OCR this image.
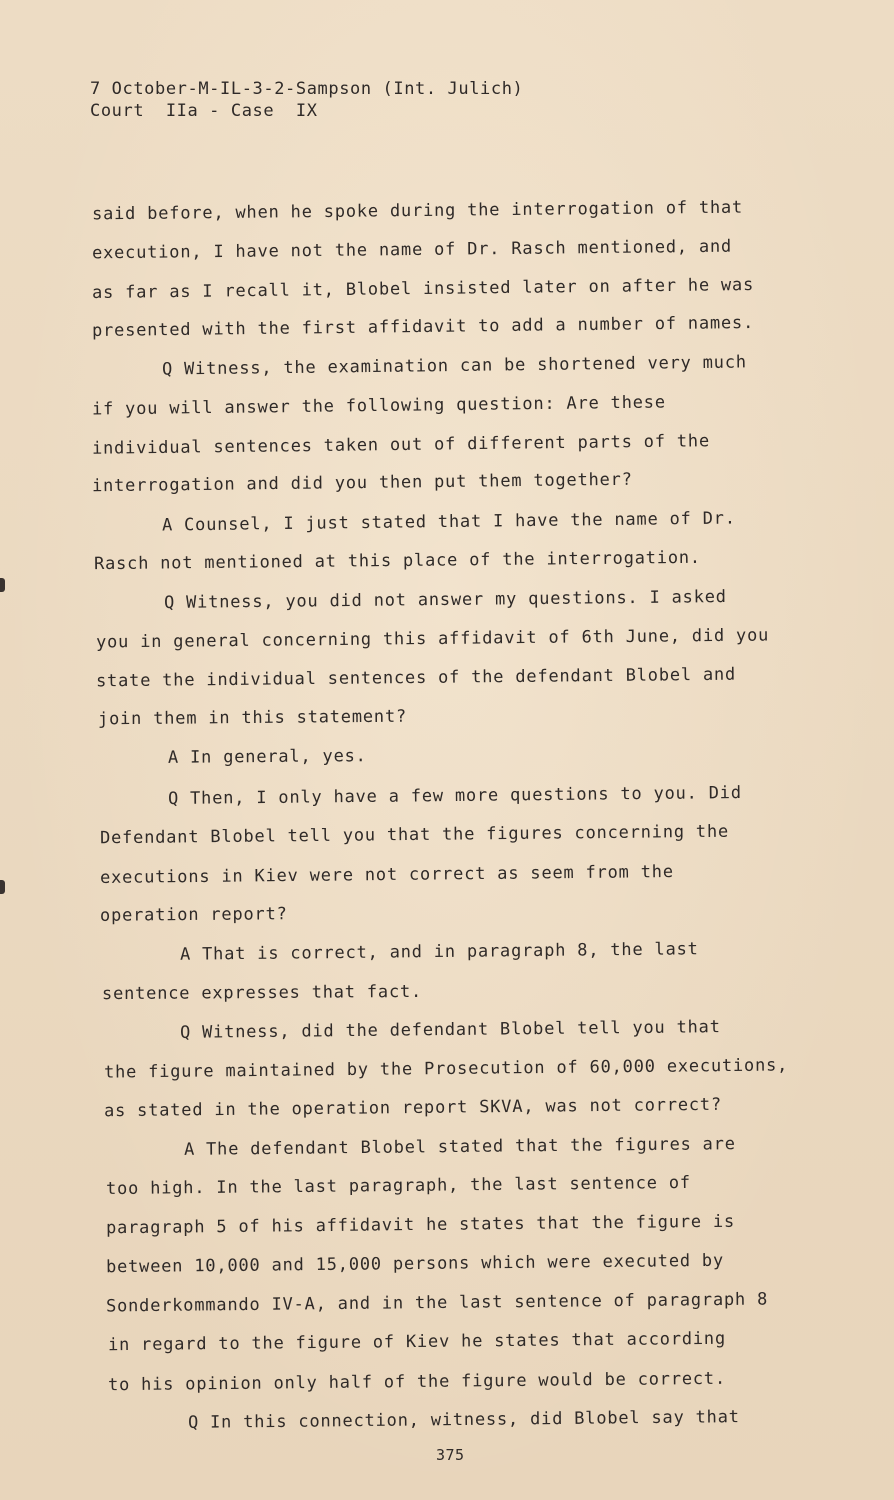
7 October-M-IL-3-2-Sampson (Int. Julich)
Court  IIa - Case  IX
said before, when he spoke during the interrogation of that
execution, I have not the name of Dr. Rasch mentioned, and
as far as I recall it, Blobel insisted later on after he was
presented with the first affidavit to add a number of names.
Q Witness, the examination can be shortened very much
if you will answer the following question: Are these
individual sentences taken out of different parts of the
interrogation and did you then put them together?
A Counsel, I just stated that I have the name of Dr.
Rasch not mentioned at this place of the interrogation.
Q Witness, you did not answer my questions. I asked
you in general concerning this affidavit of 6th June, did you
state the individual sentences of the defendant Blobel and
join them in this statement?
A In general, yes.
Q Then, I only have a few more questions to you. Did
Defendant Blobel tell you that the figures concerning the
executions in Kiev were not correct as seem from the
operation report?
A That is correct, and in paragraph 8, the last
sentence expresses that fact.
Q Witness, did the defendant Blobel tell you that
the figure maintained by the Prosecution of 60,000 executions,
as stated in the operation report SKVA, was not correct?
A The defendant Blobel stated that the figures are
too high. In the last paragraph, the last sentence of
paragraph 5 of his affidavit he states that the figure is
between 10,000 and 15,000 persons which were executed by
Sonderkommando IV-A, and in the last sentence of paragraph 8
in regard to the figure of Kiev he states that according
to his opinion only half of the figure would be correct.
Q In this connection, witness, did Blobel say that
375
